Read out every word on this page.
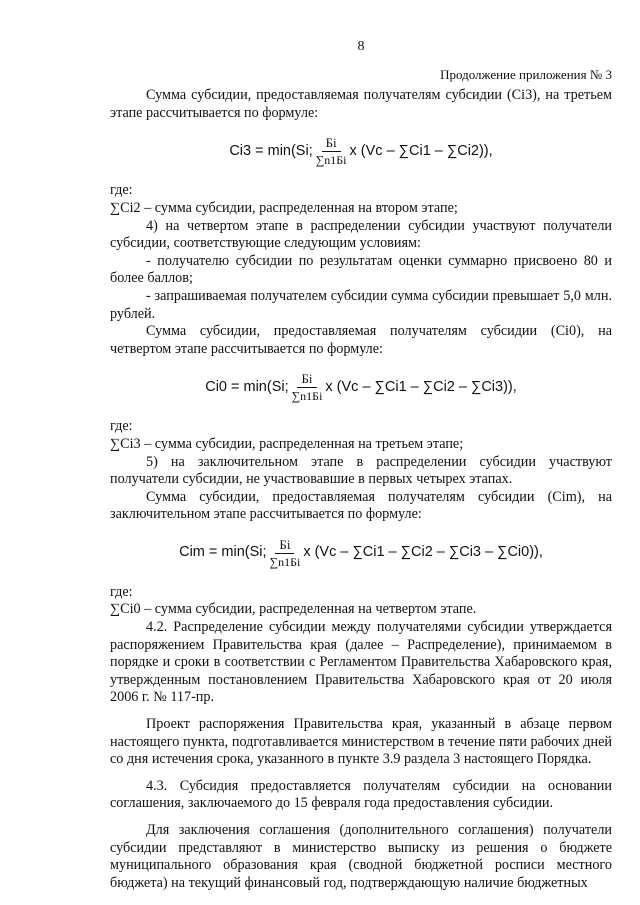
8
Продолжение приложения № 3

Сумма субсидии, предоставляемая получателям субсидии (Ci3), на третьем этапе рассчитывается по формуле:

Ci3 = min(Si; $\frac{Бi}{\sum n1Бi}$ x (Vc – ∑Ci1 – ∑Ci2)),

где:

∑Ci2 – сумма субсидии, распределенная на втором этапе;

4) на четвертом этапе в распределении субсидии участвуют получатели субсидии, соответствующие следующим условиям:

- получателю субсидии по результатам оценки суммарно присвоено 80 и более баллов;

- запрашиваемая получателем субсидии сумма субсидии превышает 5,0 млн. рублей.

Сумма субсидии, предоставляемая получателям субсидии (Ci0), на четвертом этапе рассчитывается по формуле:

Ci0 = min(Si; $\frac{Бi}{\sum n1Бi}$ x (Vc – ∑Ci1 – ∑Ci2 – ∑Ci3)),

где:

∑Ci3 – сумма субсидии, распределенная на третьем этапе;

5) на заключительном этапе в распределении субсидии участвуют получатели субсидии, не участвовавшие в первых четырех этапах.

Сумма субсидии, предоставляемая получателям субсидии (Cim), на заключительном этапе рассчитывается по формуле:

Cim = min(Si; $\frac{Бi}{\sum n1Бi}$ x (Vc – ∑Ci1 – ∑Ci2 – ∑Ci3 – ∑Ci0)),

где:

∑Ci0 – сумма субсидии, распределенная на четвертом этапе.

4.2. Распределение субсидии между получателями субсидии утверждается распоряжением Правительства края (далее – Распределение), принимаемом в порядке и сроки в соответствии с Регламентом Правительства Хабаровского края, утвержденным постановлением Правительства Хабаровского края от 20 июля 2006 г. № 117-пр.

Проект распоряжения Правительства края, указанный в абзаце первом настоящего пункта, подготавливается министерством в течение пяти рабочих дней со дня истечения срока, указанного в пункте 3.9 раздела 3 настоящего Порядка.

4.3. Субсидия предоставляется получателям субсидии на основании соглашения, заключаемого до 15 февраля года предоставления субсидии.

Для заключения соглашения (дополнительного соглашения) получатели субсидии представляют в министерство выписку из решения о бюджете муниципального образования края (сводной бюджетной росписи местного бюджета) на текущий финансовый год, подтверждающую наличие бюджетных
